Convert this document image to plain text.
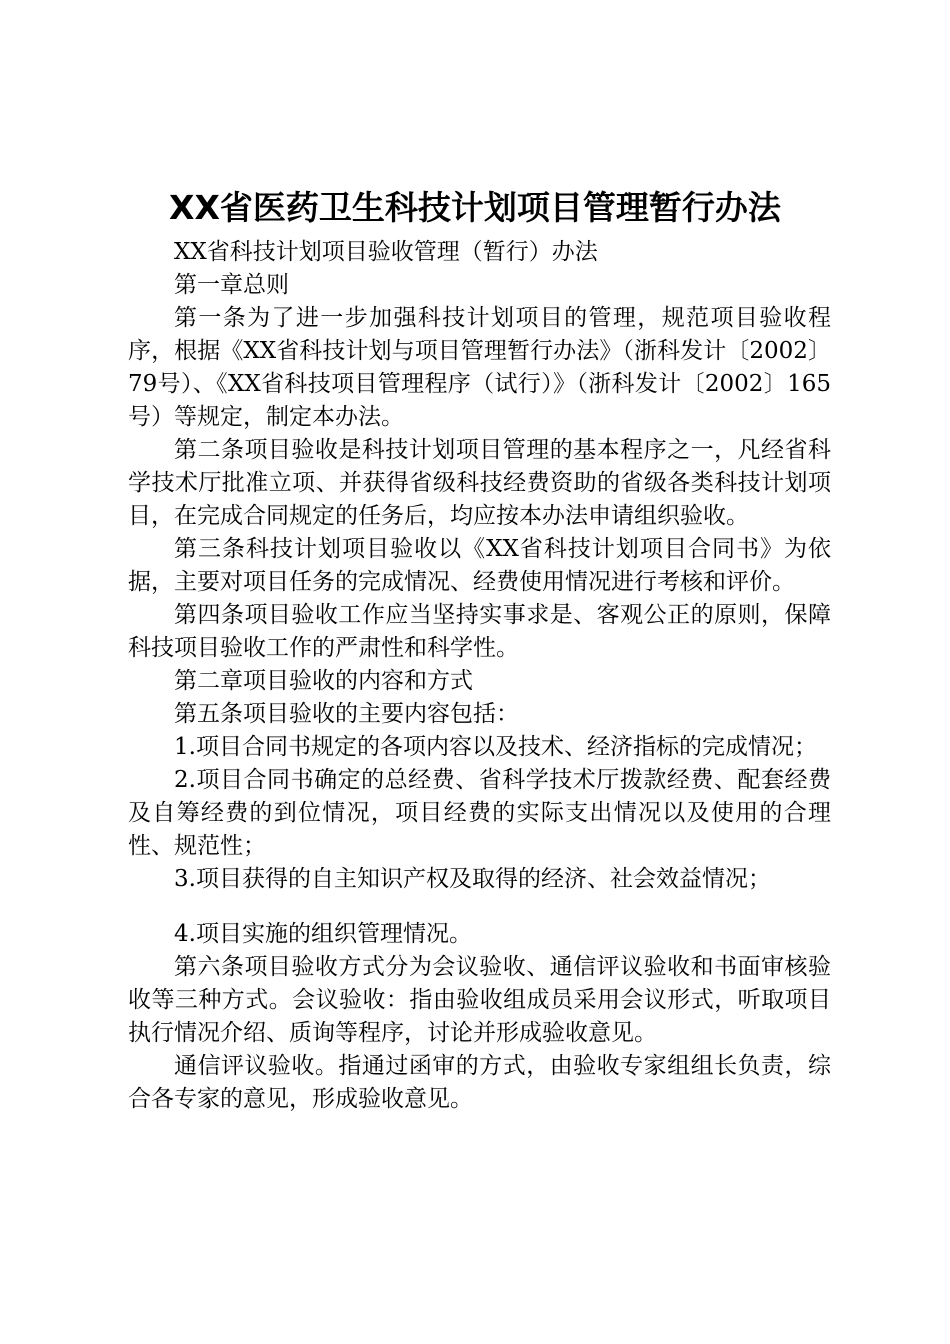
XX省医药卫生科技计划项目管理暂行办法

XX省科技计划项目验收管理（暂行）办法

第一章总则

第一条为了进一步加强科技计划项目的管理，规范项目验收程序，根据《XX省科技计划与项目管理暂行办法》（浙科发计〔2002〕79号）、《XX省科技项目管理程序（试行）》（浙科发计〔2002〕165号）等规定，制定本办法。

第二条项目验收是科技计划项目管理的基本程序之一，凡经省科学技术厅批准立项、并获得省级科技经费资助的省级各类科技计划项目，在完成合同规定的任务后，均应按本办法申请组织验收。

第三条科技计划项目验收以《XX省科技计划项目合同书》为依据，主要对项目任务的完成情况、经费使用情况进行考核和评价。

第四条项目验收工作应当坚持实事求是、客观公正的原则，保障科技项目验收工作的严肃性和科学性。

第二章项目验收的内容和方式

第五条项目验收的主要内容包括：

1.项目合同书规定的各项内容以及技术、经济指标的完成情况；

2.项目合同书确定的总经费、省科学技术厅拨款经费、配套经费及自筹经费的到位情况，项目经费的实际支出情况以及使用的合理性、规范性；

3.项目获得的自主知识产权及取得的经济、社会效益情况；

4.项目实施的组织管理情况。

第六条项目验收方式分为会议验收、通信评议验收和书面审核验收等三种方式。会议验收：指由验收组成员采用会议形式，听取项目执行情况介绍、质询等程序，讨论并形成验收意见。

通信评议验收。指通过函审的方式，由验收专家组组长负责，综合各专家的意见，形成验收意见。
